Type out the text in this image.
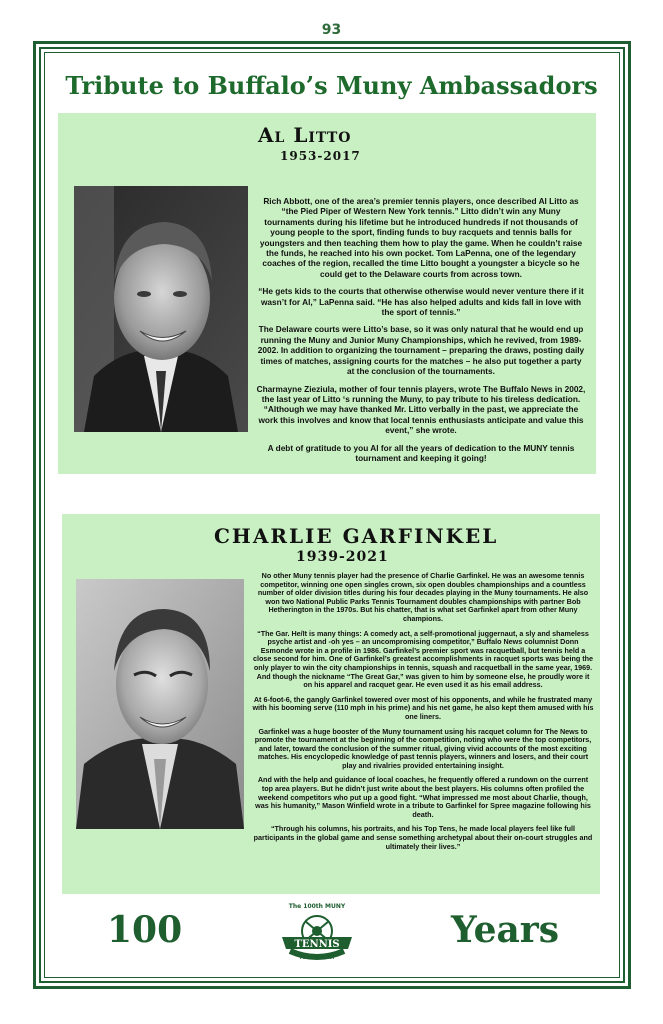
93
Tribute to Buffalo’s Muny Ambassadors
Al Litto
1953-2017

Rich Abbott, one of the area’s premier tennis players, once described Al Litto as “the Pied Piper of Western New York tennis.” Litto didn’t win any Muny tournaments during his lifetime but he introduced hundreds if not thousands of young people to the sport, finding funds to buy racquets and tennis balls for youngsters and then teaching them how to play the game. When he couldn’t raise the funds, he reached into his own pocket. Tom LaPenna, one of the legendary coaches of the region, recalled the time Litto bought a youngster a bicycle so he could get to the Delaware courts from across town.

“He gets kids to the courts that otherwise otherwise would never venture there if it wasn’t for Al,” LaPenna said. “He has also helped adults and kids fall in love with the sport of tennis.”

The Delaware courts were Litto’s base, so it was only natural that he would end up running the Muny and Junior Muny Championships, which he revived, from 1989-2002. In addition to organizing the tournament – preparing the draws, posting daily times of matches, assigning courts for the matches – he also put together a party at the conclusion of the tournaments.

Charmayne Zieziula, mother of four tennis players, wrote The Buffalo News in 2002, the last year of Litto ‘s running the Muny, to pay tribute to his tireless dedication. “Although we may have thanked Mr. Litto verbally in the past, we appreciate the work this involves and know that local tennis enthusiasts anticipate and value this event,” she wrote.

A debt of gratitude to you Al for all the years of dedication to the MUNY tennis tournament and keeping it going!

CHARLIE GARFINKEL
1939-2021

No other Muny tennis player had the presence of Charlie Garfinkel. He was an awesome tennis competitor, winning one open singles crown, six open doubles championships and a countless number of older division titles during his four decades playing in the Muny tournaments. He also won two National Public Parks Tennis Tournament doubles championships with partner Bob Hetherington in the 1970s. But his chatter, that is what set Garfinkel apart from other Muny champions.

“The Gar. He/It is many things: A comedy act, a self-promotional juggernaut, a sly and shameless psyche artist and -oh yes – an uncompromising competitor,” Buffalo News columnist Donn Esmonde wrote in a profile in 1986. Garfinkel’s premier sport was racquetball, but tennis held a close second for him. One of Garfinkel’s greatest accomplishments in racquet sports was being the only player to win the city championships in tennis, squash and racquetball in the same year, 1969. And though the nickname “The Great Gar,” was given to him by someone else, he proudly wore it on his apparel and racquet gear. He even used it as his email address.

At 6-foot-6, the gangly Garfinkel towered over most of his opponents, and while he frustrated many with his booming serve (110 mph in his prime) and his net game, he also kept them amused with his one liners.

Garfinkel was a huge booster of the Muny tournament using his racquet column for The News to promote the tournament at the beginning of the competition, noting who were the top competitors, and later, toward the conclusion of the summer ritual, giving vivid accounts of the most exciting matches. His encyclopedic knowledge of past tennis players, winners and losers, and their court play and rivalries provided entertaining insight.

And with the help and guidance of local coaches, he frequently offered a rundown on the current top area players. But he didn’t just write about the best players. His columns often profiled the weekend competitors who put up a good fight. “What impressed me most about Charlie, though, was his humanity,” Mason Winfield wrote in a tribute to Garfinkel for Spree magazine following his death.

“Through his columns, his portraits, and his Top Tens, he made local players feel like full participants in the global game and sense something archetypal about their on-court struggles and ultimately their lives.”

100
The 100th MUNY
TENNIS
TOURNAMENT
Years
